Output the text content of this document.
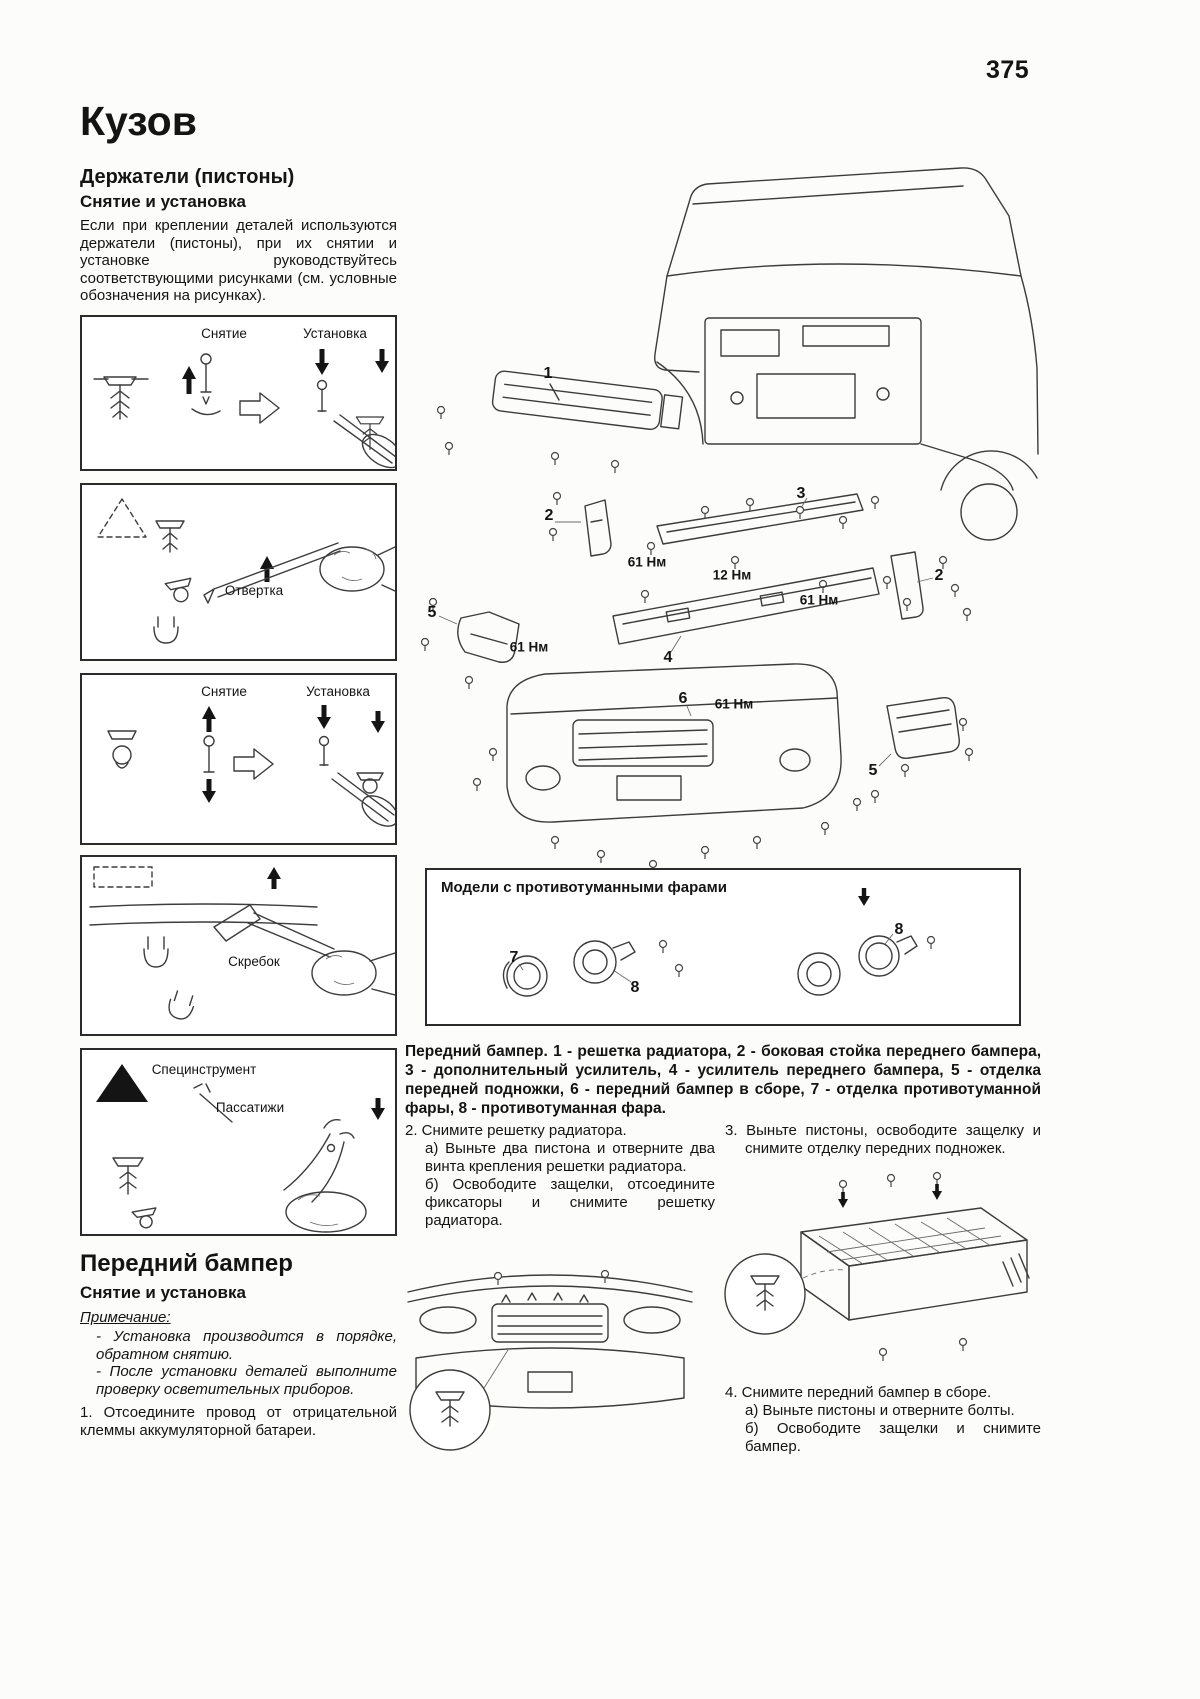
375
Кузов
Держатели (пистоны)
Снятие и установка
Если при креплении деталей используются держатели (пистоны), при их снятии и установке руководствуйтесь соответствующими рисунками (см. условные обозначения на рисунках).
Снятие	Установка
Отвертка
Снятие	Установка
Скребок
Специнструмент
Пассатижи
1
2
3
2
5
4
6
5
61 Нм
12 Нм
61 Нм
61 Нм
61 Нм
Модели с противотуманными фарами
7
8
8
Передний бампер. 1 - решетка радиатора, 2 - боковая стойка переднего бампера, 3 - дополнительный усилитель, 4 - усилитель переднего бампера, 5 - отделка передней подножки, 6 - передний бампер в сборе, 7 - отделка противотуманной фары, 8 - противотуманная фара.
2. Снимите решетку радиатора.
а) Выньте два пистона и отверните два винта крепления решетки радиатора.
б) Освободите защелки, отсоедините фиксаторы и снимите решетку радиатора.
3. Выньте пистоны, освободите защелку и снимите отделку передних подножек.
4. Снимите передний бампер в сборе.
а) Выньте пистоны и отверните болты.
б) Освободите защелки и снимите бампер.
Передний бампер
Снятие и установка
Примечание:
- Установка производится в порядке, обратном снятию.
- После установки деталей выполните проверку осветительных приборов.
1. Отсоедините провод от отрицательной клеммы аккумуляторной батареи.
